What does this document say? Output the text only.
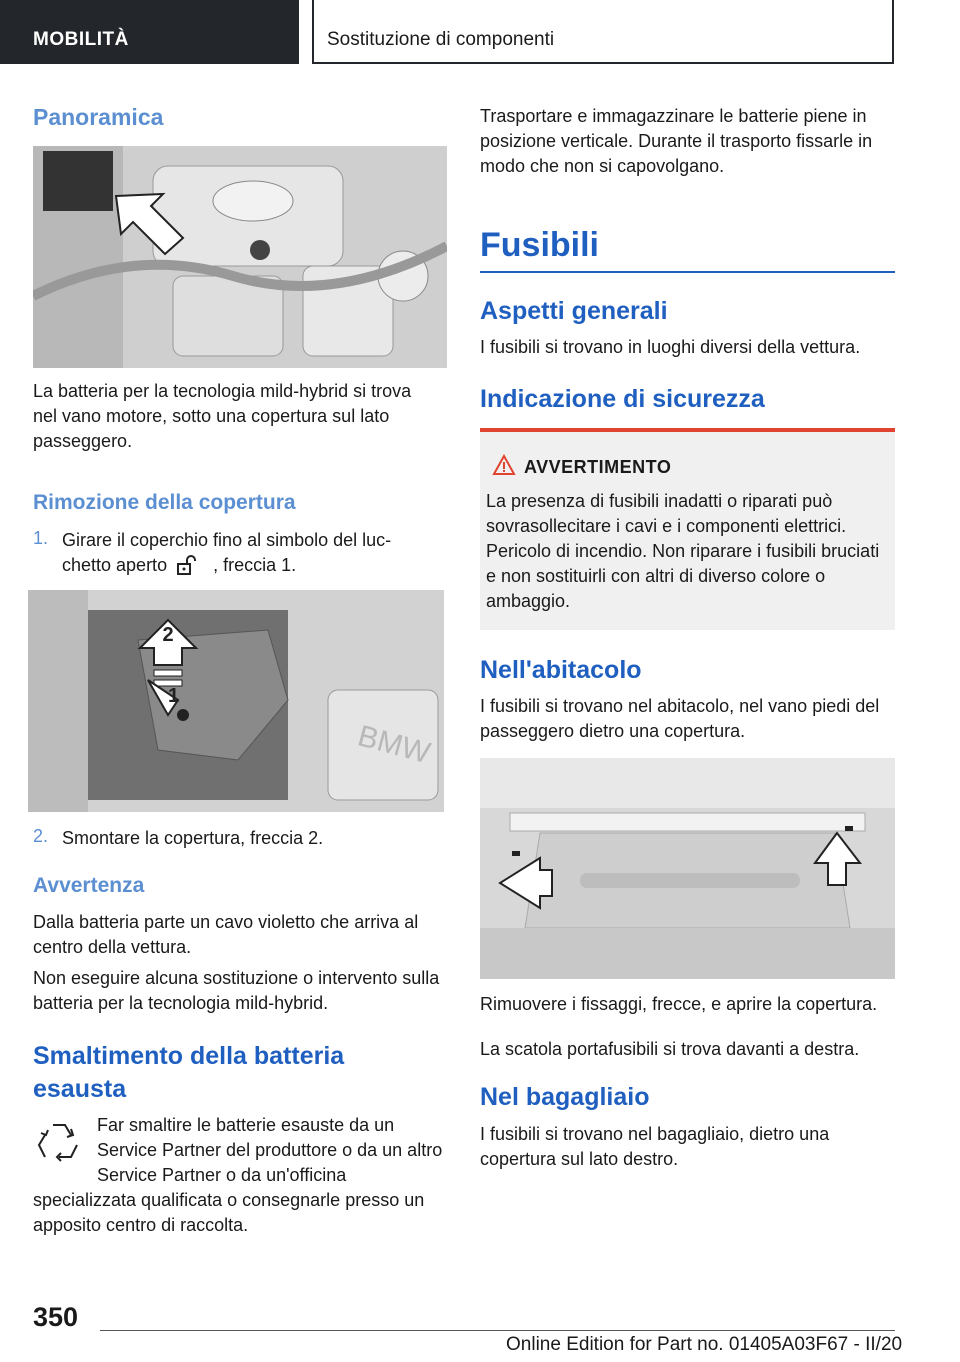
MOBILITÀ	Sostituzione di componenti
Panoramica

La batteria per la tecnologia mild-hybrid si trova nel vano motore, sotto una copertura sul lato passeggero.

Rimozione della copertura
1. Girare il coperchio fino al simbolo del luc-
chetto aperto	, freccia 1.

BMW
2
1
2. Smontare la copertura, freccia 2.

Avvertenza

Dalla batteria parte un cavo violetto che arriva al centro della vettura.

Non eseguire alcuna sostituzione o intervento sulla batteria per la tecnologia mild-hybrid.

Smaltimento della batteria esausta

Far smaltire le batterie esauste da un Service Partner del produttore o da un altro Service Partner o da un'officina specializzata qualificata o consegnarle presso un apposito centro di raccolta.

Trasportare e immagazzinare le batterie piene in posizione verticale. Durante il trasporto fissarle in modo che non si capovolgano.

Fusibili
Aspetti generali

I fusibili si trovano in luoghi diversi della vettura.

Indicazione di sicurezza
AVVERTIMENTO

La presenza di fusibili inadatti o riparati può sovrasollecitare i cavi e i componenti elettrici. Pericolo di incendio. Non riparare i fusibili bruciati e non sostituirli con altri di diverso colore o ambaggio.

Nell'abitacolo

I fusibili si trovano nel abitacolo, nel vano piedi del passeggero dietro una copertura.

Rimuovere i fissaggi, frecce, e aprire la copertura.

La scatola portafusibili si trova davanti a destra.

Nel bagagliaio

I fusibili si trovano nel bagagliaio, dietro una copertura sul lato destro.

350
Online Edition for Part no. 01405A03F67 - II/20
